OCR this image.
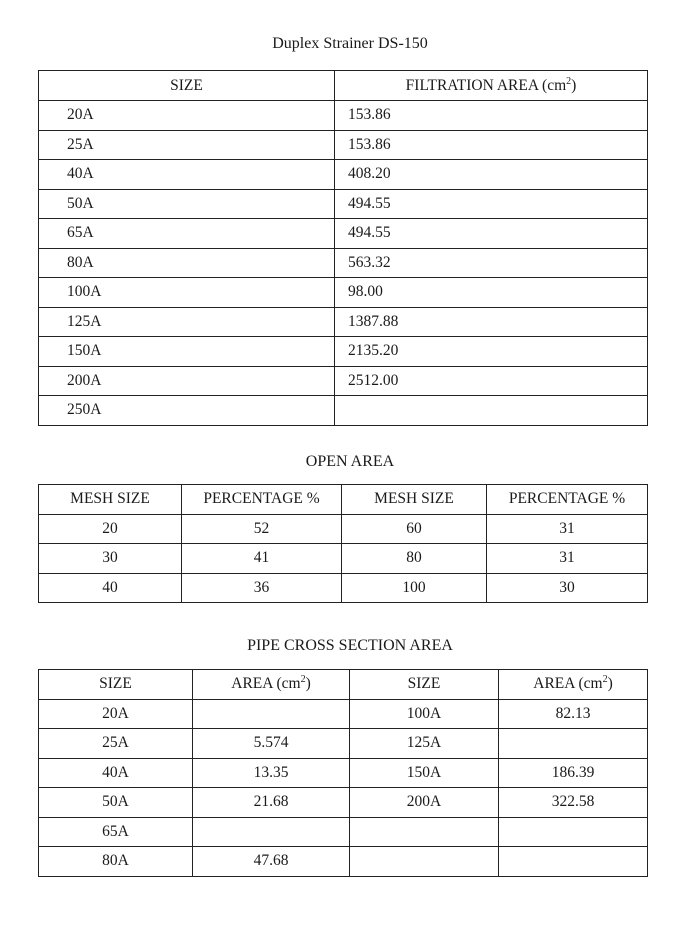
Duplex Strainer DS-150
SIZE	FILTRATION AREA $(cm^2)$
20A	153.86
25A	153.86
40A	408.20
50A	494.55
65A	494.55
80A	563.32
100A	98.00
125A	1387.88
150A	2135.20
200A	2512.00
250A	
OPEN AREA
MESH SIZE	PERCENTAGE %	MESH SIZE	PERCENTAGE %
20	52	60	31
30	41	80	31
40	36	100	30
PIPE CROSS SECTION AREA
SIZE	AREA $(cm^2)$	SIZE	AREA $(cm^2)$
20A		100A	82.13
25A	5.574	125A	
40A	13.35	150A	186.39
50A	21.68	200A	322.58
65A			
80A	47.68		
